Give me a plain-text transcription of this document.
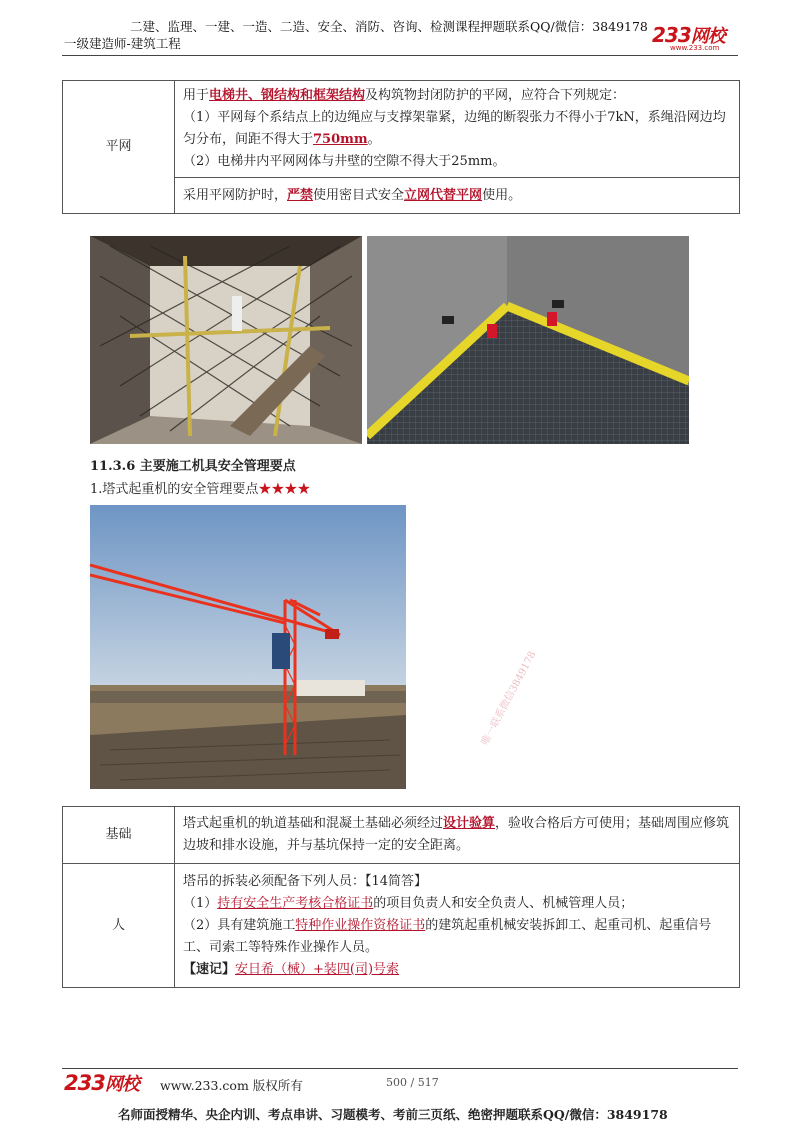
二建、监理、一建、一造、二造、安全、消防、咨询、检测课程押题联系QQ/微信：3849178
一级建造师-建筑工程	233网校
www.233.com
平网	
用于电梯井、钢结构和框架结构及构筑物封闭防护的平网，应符合下列规定：
（1）平网每个系结点上的边绳应与支撑架靠紧，边绳的断裂张力不得小于7kN，系绳沿网边均匀分布，间距不得大于750mm。
（2）电梯井内平网网体与井壁的空隙不得大于25mm。

采用平网防护时，严禁使用密目式安全立网代替平网使用。
11.3.6 主要施工机具安全管理要点
1.塔式起重机的安全管理要点★★★★
唯一联系微信3849178
基础	塔式起重机的轨道基础和混凝土基础必须经过设计验算，验收合格后方可使用；基础周围应修筑边坡和排水设施，并与基坑保持一定的安全距离。
人	塔吊的拆装必须配备下列人员：【14简答】
（1）持有安全生产考核合格证书的项目负责人和安全负责人、机械管理人员；
（2）具有建筑施工特种作业操作资格证书的建筑起重机械安装拆卸工、起重司机、起重信号工、司索工等特殊作业操作人员。
【速记】安日希（械）+装四(司)号索
233网校 www.233.com 版权所有	500 / 517
名师面授精华、央企内训、考点串讲、习题模考、考前三页纸、绝密押题联系QQ/微信：3849178
